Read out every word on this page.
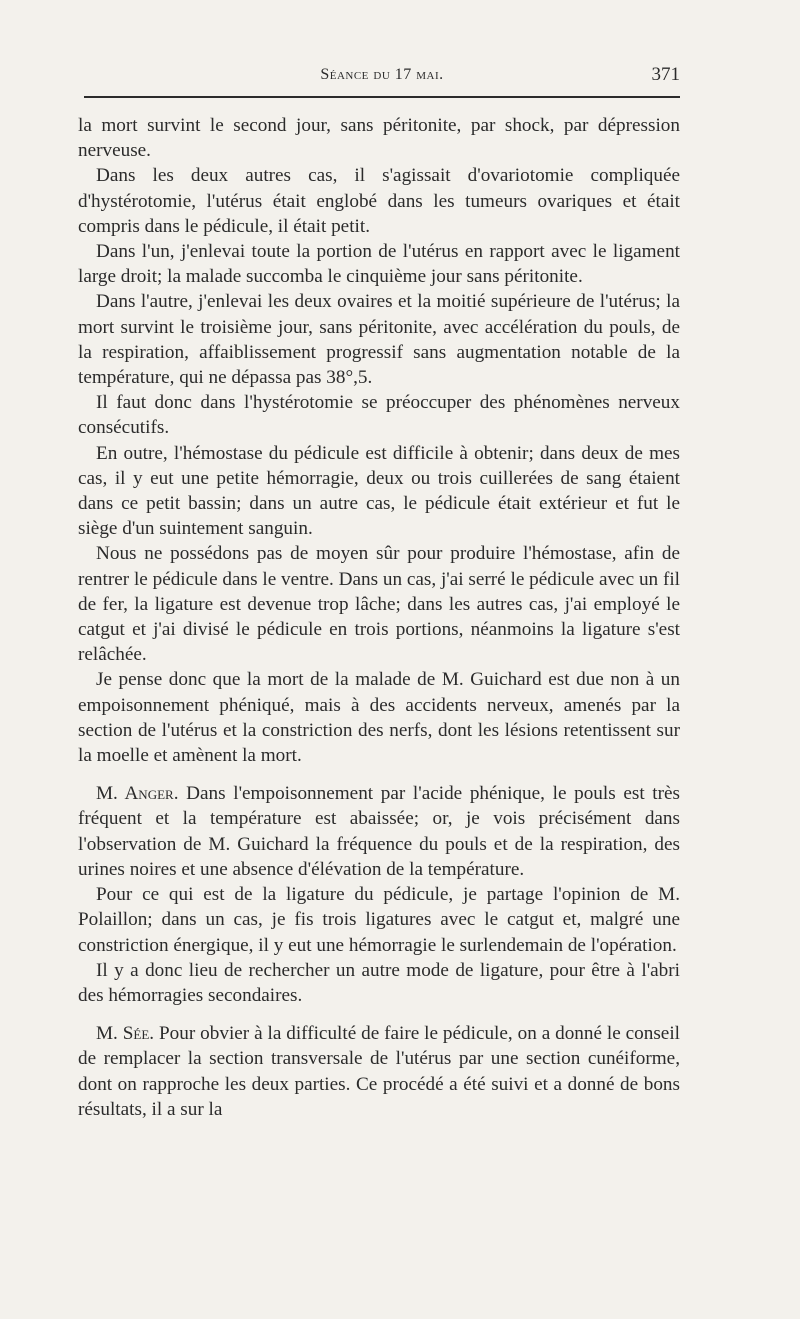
Séance du 17 mai.	371

la mort survint le second jour, sans péritonite, par shock, par dépression nerveuse.

Dans les deux autres cas, il s'agissait d'ovariotomie compliquée d'hystérotomie, l'utérus était englobé dans les tumeurs ovariques et était compris dans le pédicule, il était petit.

Dans l'un, j'enlevai toute la portion de l'utérus en rapport avec le ligament large droit; la malade succomba le cinquième jour sans péritonite.

Dans l'autre, j'enlevai les deux ovaires et la moitié supérieure de l'utérus; la mort survint le troisième jour, sans péritonite, avec accélération du pouls, de la respiration, affaiblissement progressif sans augmentation notable de la température, qui ne dépassa pas 38°,5.

Il faut donc dans l'hystérotomie se préoccuper des phénomènes nerveux consécutifs.

En outre, l'hémostase du pédicule est difficile à obtenir; dans deux de mes cas, il y eut une petite hémorragie, deux ou trois cuillerées de sang étaient dans ce petit bassin; dans un autre cas, le pédicule était extérieur et fut le siège d'un suintement sanguin.

Nous ne possédons pas de moyen sûr pour produire l'hémostase, afin de rentrer le pédicule dans le ventre. Dans un cas, j'ai serré le pédicule avec un fil de fer, la ligature est devenue trop lâche; dans les autres cas, j'ai employé le catgut et j'ai divisé le pédicule en trois portions, néanmoins la ligature s'est relâchée.

Je pense donc que la mort de la malade de M. Guichard est due non à un empoisonnement phéniqué, mais à des accidents nerveux, amenés par la section de l'utérus et la constriction des nerfs, dont les lésions retentissent sur la moelle et amènent la mort.

M. Anger. Dans l'empoisonnement par l'acide phénique, le pouls est très fréquent et la température est abaissée; or, je vois précisément dans l'observation de M. Guichard la fréquence du pouls et de la respiration, des urines noires et une absence d'élévation de la température.

Pour ce qui est de la ligature du pédicule, je partage l'opinion de M. Polaillon; dans un cas, je fis trois ligatures avec le catgut et, malgré une constriction énergique, il y eut une hémorragie le surlendemain de l'opération.

Il y a donc lieu de rechercher un autre mode de ligature, pour être à l'abri des hémorragies secondaires.

M. Sée. Pour obvier à la difficulté de faire le pédicule, on a donné le conseil de remplacer la section transversale de l'utérus par une section cunéiforme, dont on rapproche les deux parties. Ce procédé a été suivi et a donné de bons résultats, il a sur la
